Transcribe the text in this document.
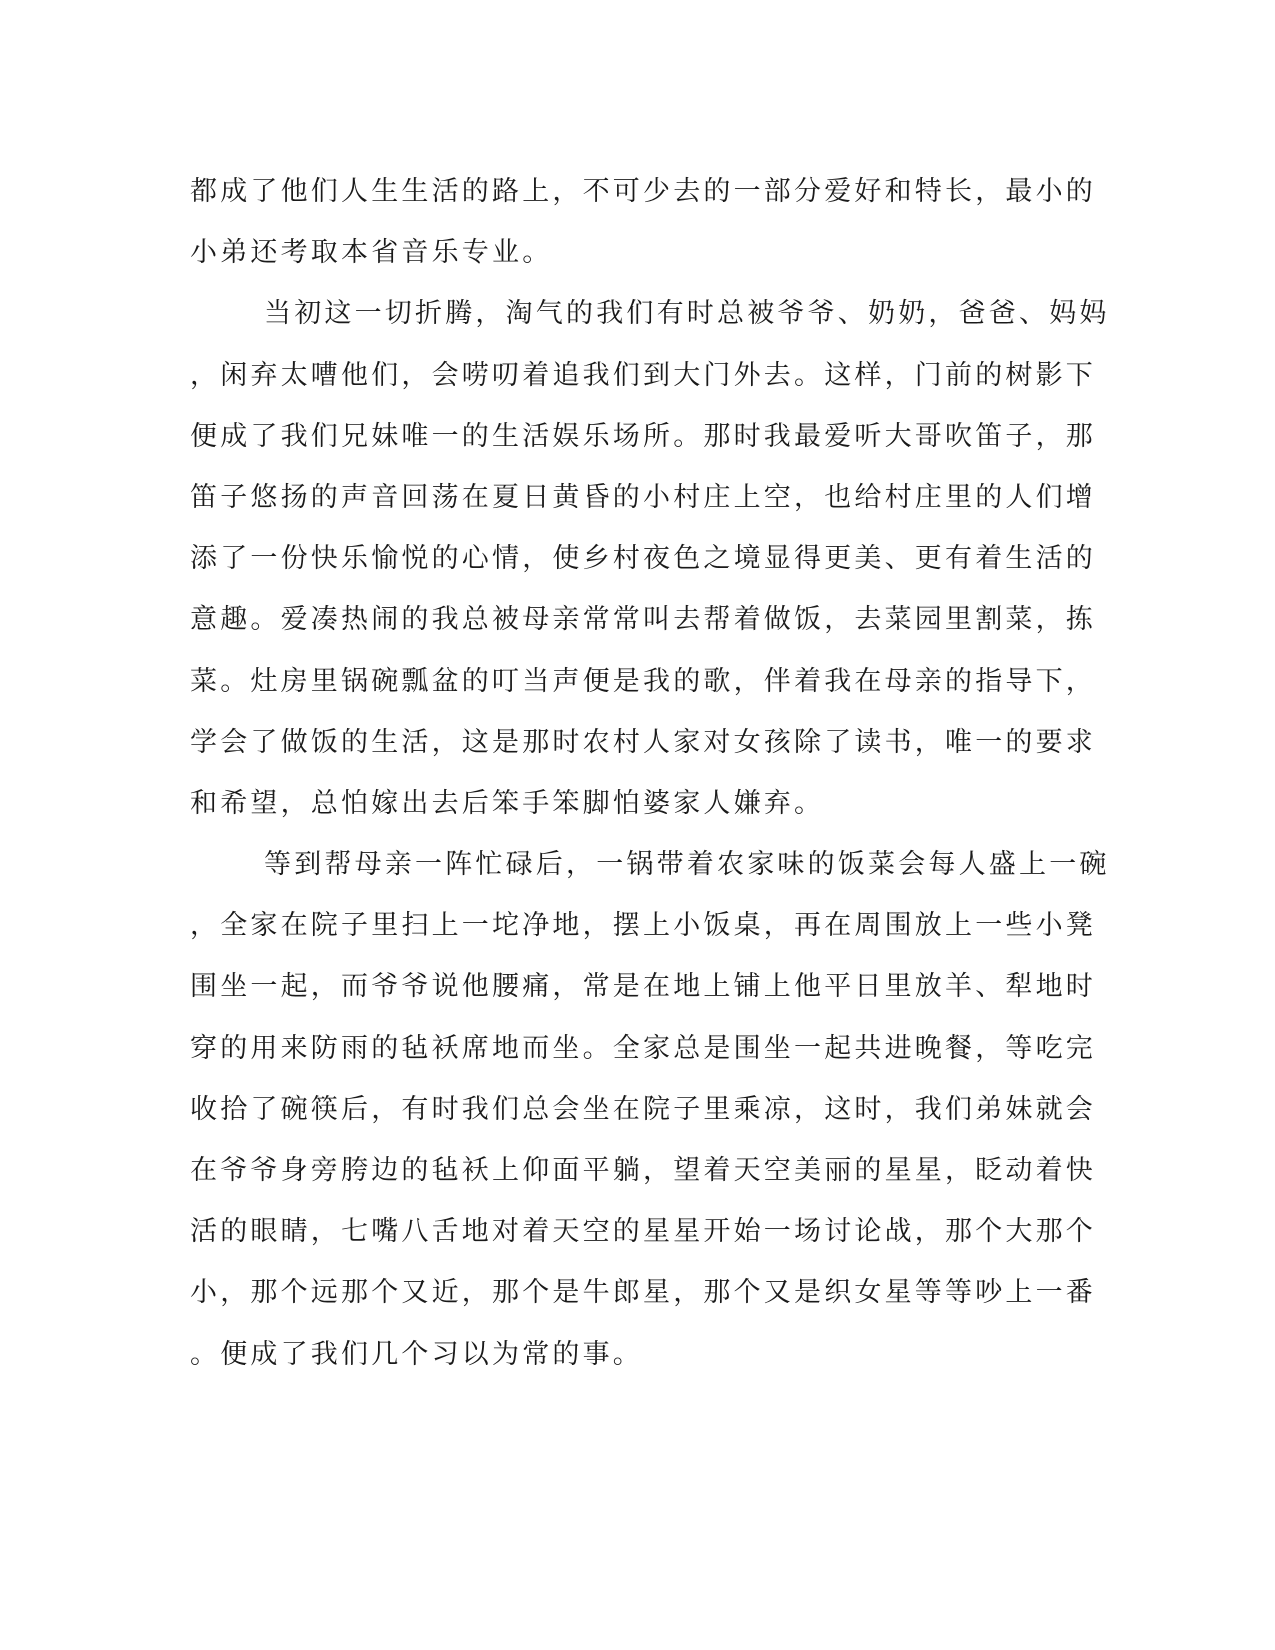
都成了他们人生生活的路上，不可少去的一部分爱好和特长，最小的
小弟还考取本省音乐专业。
当初这一切折腾，淘气的我们有时总被爷爷、奶奶，爸爸、妈妈
，闲弃太嘈他们，会唠叨着追我们到大门外去。这样，门前的树影下
便成了我们兄妹唯一的生活娱乐场所。那时我最爱听大哥吹笛子，那
笛子悠扬的声音回荡在夏日黄昏的小村庄上空，也给村庄里的人们增
添了一份快乐愉悦的心情，使乡村夜色之境显得更美、更有着生活的
意趣。爱凑热闹的我总被母亲常常叫去帮着做饭，去菜园里割菜，拣
菜。灶房里锅碗瓢盆的叮当声便是我的歌，伴着我在母亲的指导下，
学会了做饭的生活，这是那时农村人家对女孩除了读书，唯一的要求
和希望，总怕嫁出去后笨手笨脚怕婆家人嫌弃。
等到帮母亲一阵忙碌后，一锅带着农家味的饭菜会每人盛上一碗
，全家在院子里扫上一坨净地，摆上小饭桌，再在周围放上一些小凳
围坐一起，而爷爷说他腰痛，常是在地上铺上他平日里放羊、犁地时
穿的用来防雨的毡袄席地而坐。全家总是围坐一起共进晚餐，等吃完
收拾了碗筷后，有时我们总会坐在院子里乘凉，这时，我们弟妹就会
在爷爷身旁胯边的毡袄上仰面平躺，望着天空美丽的星星，眨动着快
活的眼睛，七嘴八舌地对着天空的星星开始一场讨论战，那个大那个
小，那个远那个又近，那个是牛郎星，那个又是织女星等等吵上一番
。便成了我们几个习以为常的事。
